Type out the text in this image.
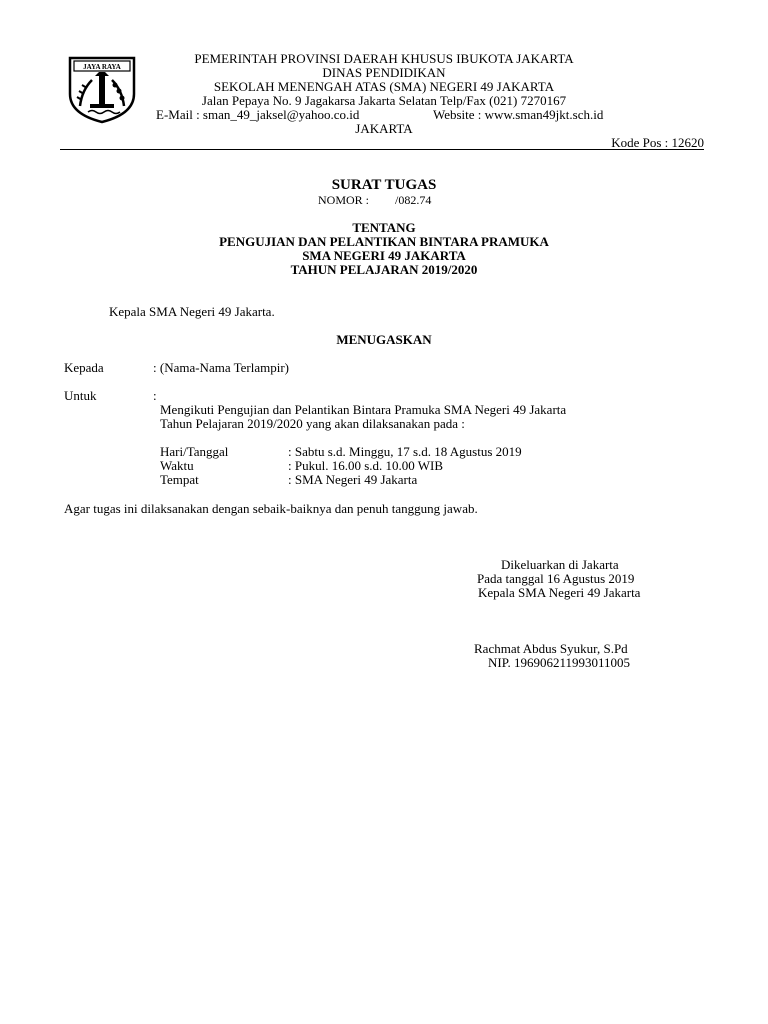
JAYA RAYA
PEMERINTAH PROVINSI DAERAH KHUSUS IBUKOTA JAKARTA
DINAS PENDIDIKAN
SEKOLAH MENENGAH ATAS (SMA) NEGERI 49 JAKARTA
Jalan Pepaya No. 9 Jagakarsa Jakarta Selatan Telp/Fax (021) 7270167
E-Mail : sman_49_jaksel@yahoo.co.id	Website : www.sman49jkt.sch.id
JAKARTA
Kode Pos : 12620
SURAT TUGAS
NOMOR : /082.74
TENTANG
PENGUJIAN DAN PELANTIKAN BINTARA PRAMUKA
SMA NEGERI 49 JAKARTA
TAHUN PELAJARAN 2019/2020
Kepala SMA Negeri 49 Jakarta.
MENUGASKAN
Kepada	: (Nama-Nama Terlampir)
Untuk	:
Mengikuti Pengujian dan Pelantikan Bintara Pramuka SMA Negeri 49 Jakarta
Tahun Pelajaran 2019/2020 yang akan dilaksanakan pada :
Hari/Tanggal	: Sabtu s.d. Minggu, 17 s.d. 18 Agustus 2019
Waktu	: Pukul. 16.00 s.d. 10.00 WIB
Tempat	: SMA Negeri 49 Jakarta
Agar tugas ini dilaksanakan dengan sebaik-baiknya dan penuh tanggung jawab.
Dikeluarkan di Jakarta
Pada tanggal 16 Agustus 2019
Kepala SMA Negeri 49 Jakarta
Rachmat Abdus Syukur, S.Pd
NIP. 196906211993011005
